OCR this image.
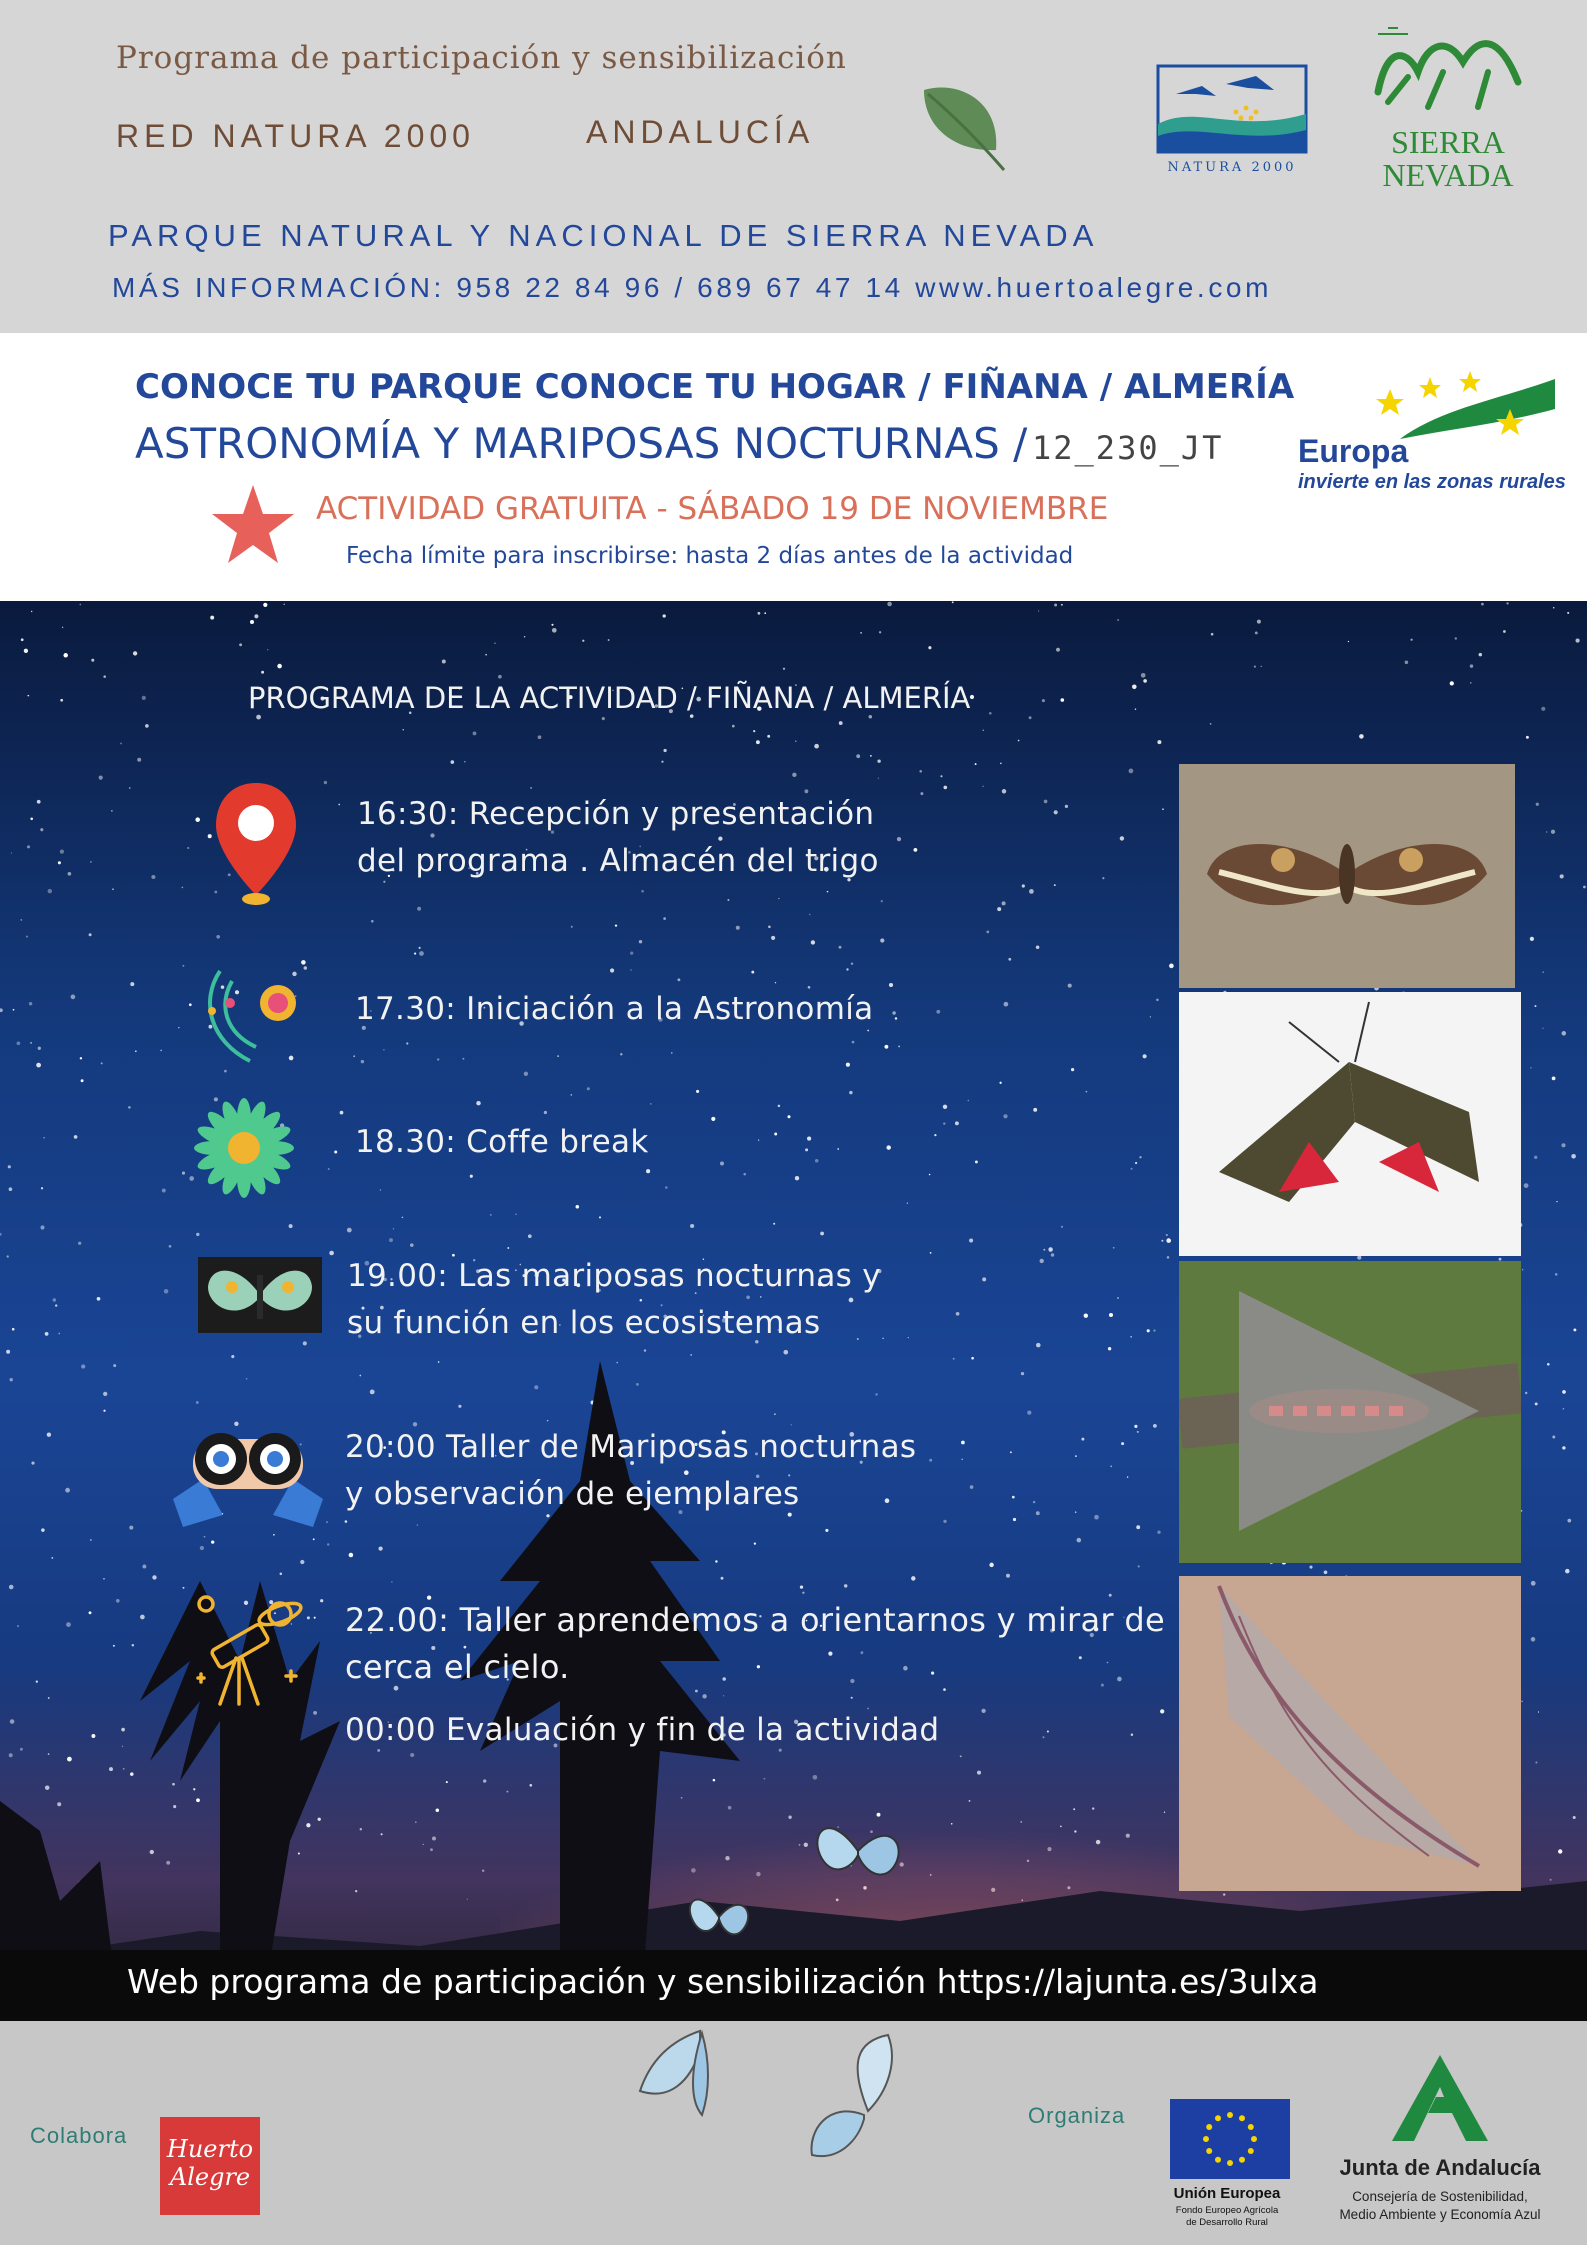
Programa de participación y sensibilización
RED NATURA 2000	ANDALUCÍA
NATURA 2000
SIERRA
NEVADA
PARQUE NATURAL Y NACIONAL DE SIERRA NEVADA
MÁS INFORMACIÓN: 958 22 84 96 / 689 67 47 14 www.huertoalegre.com
CONOCE TU PARQUE CONOCE TU HOGAR / FIÑANA / ALMERÍA
ASTRONOMÍA Y MARIPOSAS NOCTURNAS / 12_230_JT
ACTIVIDAD GRATUITA - SÁBADO 19 DE NOVIEMBRE
Fecha límite para inscribirse: hasta 2 días antes de la actividad
Europa
invierte en las zonas rurales
PROGRAMA DE LA ACTIVIDAD / FIÑANA / ALMERÍA
16:30: Recepción y presentación
del programa . Almacén del trigo
17.30: Iniciación a la Astronomía
18.30: Coffe break
19.00: Las mariposas nocturnas y
su función en los ecosistemas
20:00 Taller de Mariposas nocturnas
y observación de ejemplares
22.00: Taller aprendemos a orientarnos y mirar de
cerca el cielo.
00:00 Evaluación y fin de la actividad
Web programa de participación y sensibilización https://lajunta.es/3ulxa
Colabora Huerto
Alegre
Organiza
Unión Europea
Fondo Europeo Agrícola
de Desarrollo Rural
Junta de Andalucía
Consejería de Sostenibilidad,
Medio Ambiente y Economía Azul
